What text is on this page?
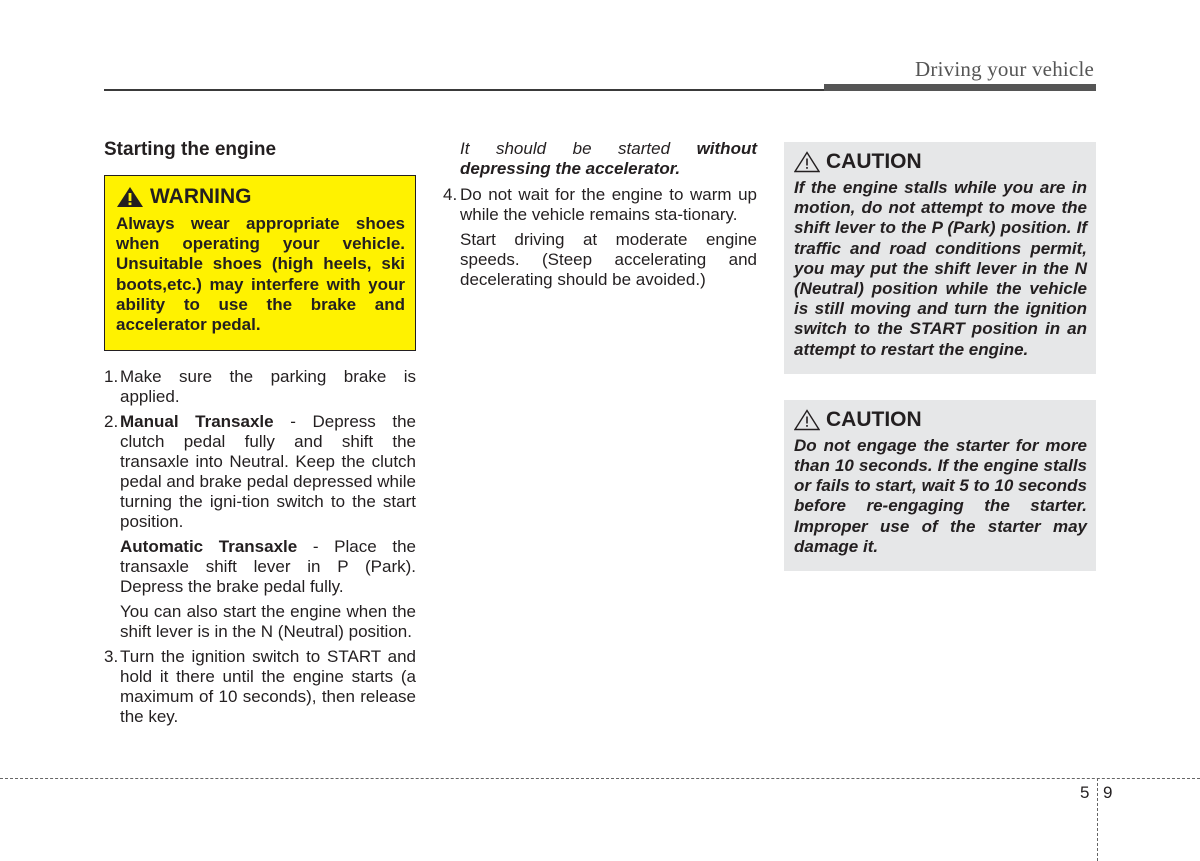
Driving your vehicle
Starting the engine
WARNING
Always wear appropriate shoes when operating your vehicle. Unsuitable shoes (high heels, ski boots,etc.) may interfere with your ability to use the brake and accelerator pedal.
1. Make sure the parking brake is applied.
2. Manual Transaxle - Depress the clutch pedal fully and shift the transaxle into Neutral. Keep the clutch pedal and brake pedal depressed while turning the igni-tion switch to the start position.
Automatic Transaxle - Place the transaxle shift lever in P (Park). Depress the brake pedal fully.
You can also start the engine when the shift lever is in the N (Neutral) position.
3. Turn the ignition switch to START and hold it there until the engine starts (a maximum of 10 seconds), then release the key.
It should be started without depressing the accelerator.
4. Do not wait for the engine to warm up while the vehicle remains sta-tionary.
Start driving at moderate engine speeds. (Steep accelerating and decelerating should be avoided.)
CAUTION
If the engine stalls while you are in motion, do not attempt to move the shift lever to the P (Park) position. If traffic and road conditions permit, you may put the shift lever in the N (Neutral) position while the vehicle is still moving and turn the ignition switch to the START position in an attempt to restart the engine.
CAUTION
Do not engage the starter for more than 10 seconds. If the engine stalls or fails to start, wait 5 to 10 seconds before re-engaging the starter. Improper use of the starter may damage it.
5 9
